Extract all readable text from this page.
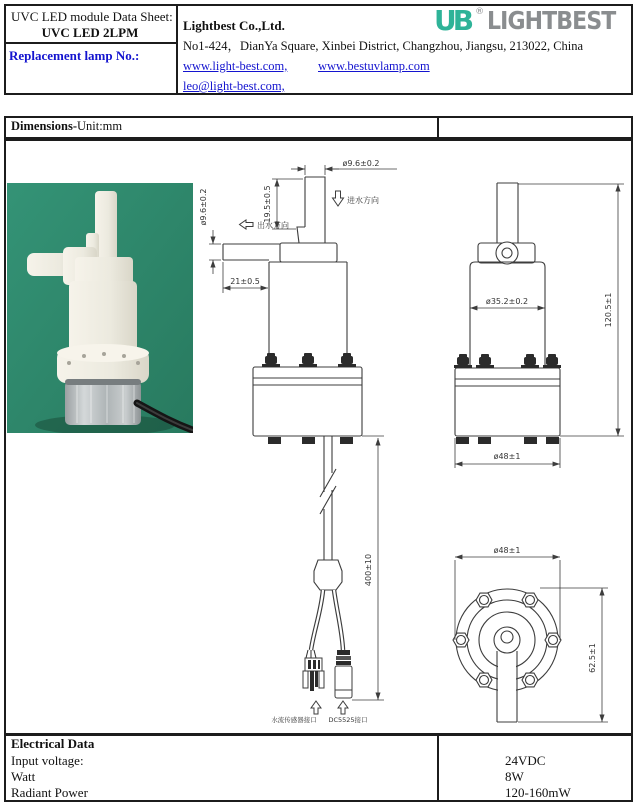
UVC LED module Data Sheet:
UVC LED 2LPM
Replacement lamp No.:
Lightbest Co.,Ltd.
No1-424，DianYa Square, Xinbei District, Changzhou, Jiangsu, 213022, China
www.light-best.com, www.bestuvlamp.com
leo@light-best.com,
UB ® LIGHTBEST
Dimensions-Unit:mm
ø9.6±0.2
19.5±0.5
ø9.6±0.2
21±0.5
进水方向
出水方向
400±10
水流传感器接口 DC5525接口
ø35.2±0.2	120.5±1
ø48±1
ø48±1
62.5±1
Electrical Data
Input voltage:	24VDC
Watt	8W
Radiant Power	120-160mW
